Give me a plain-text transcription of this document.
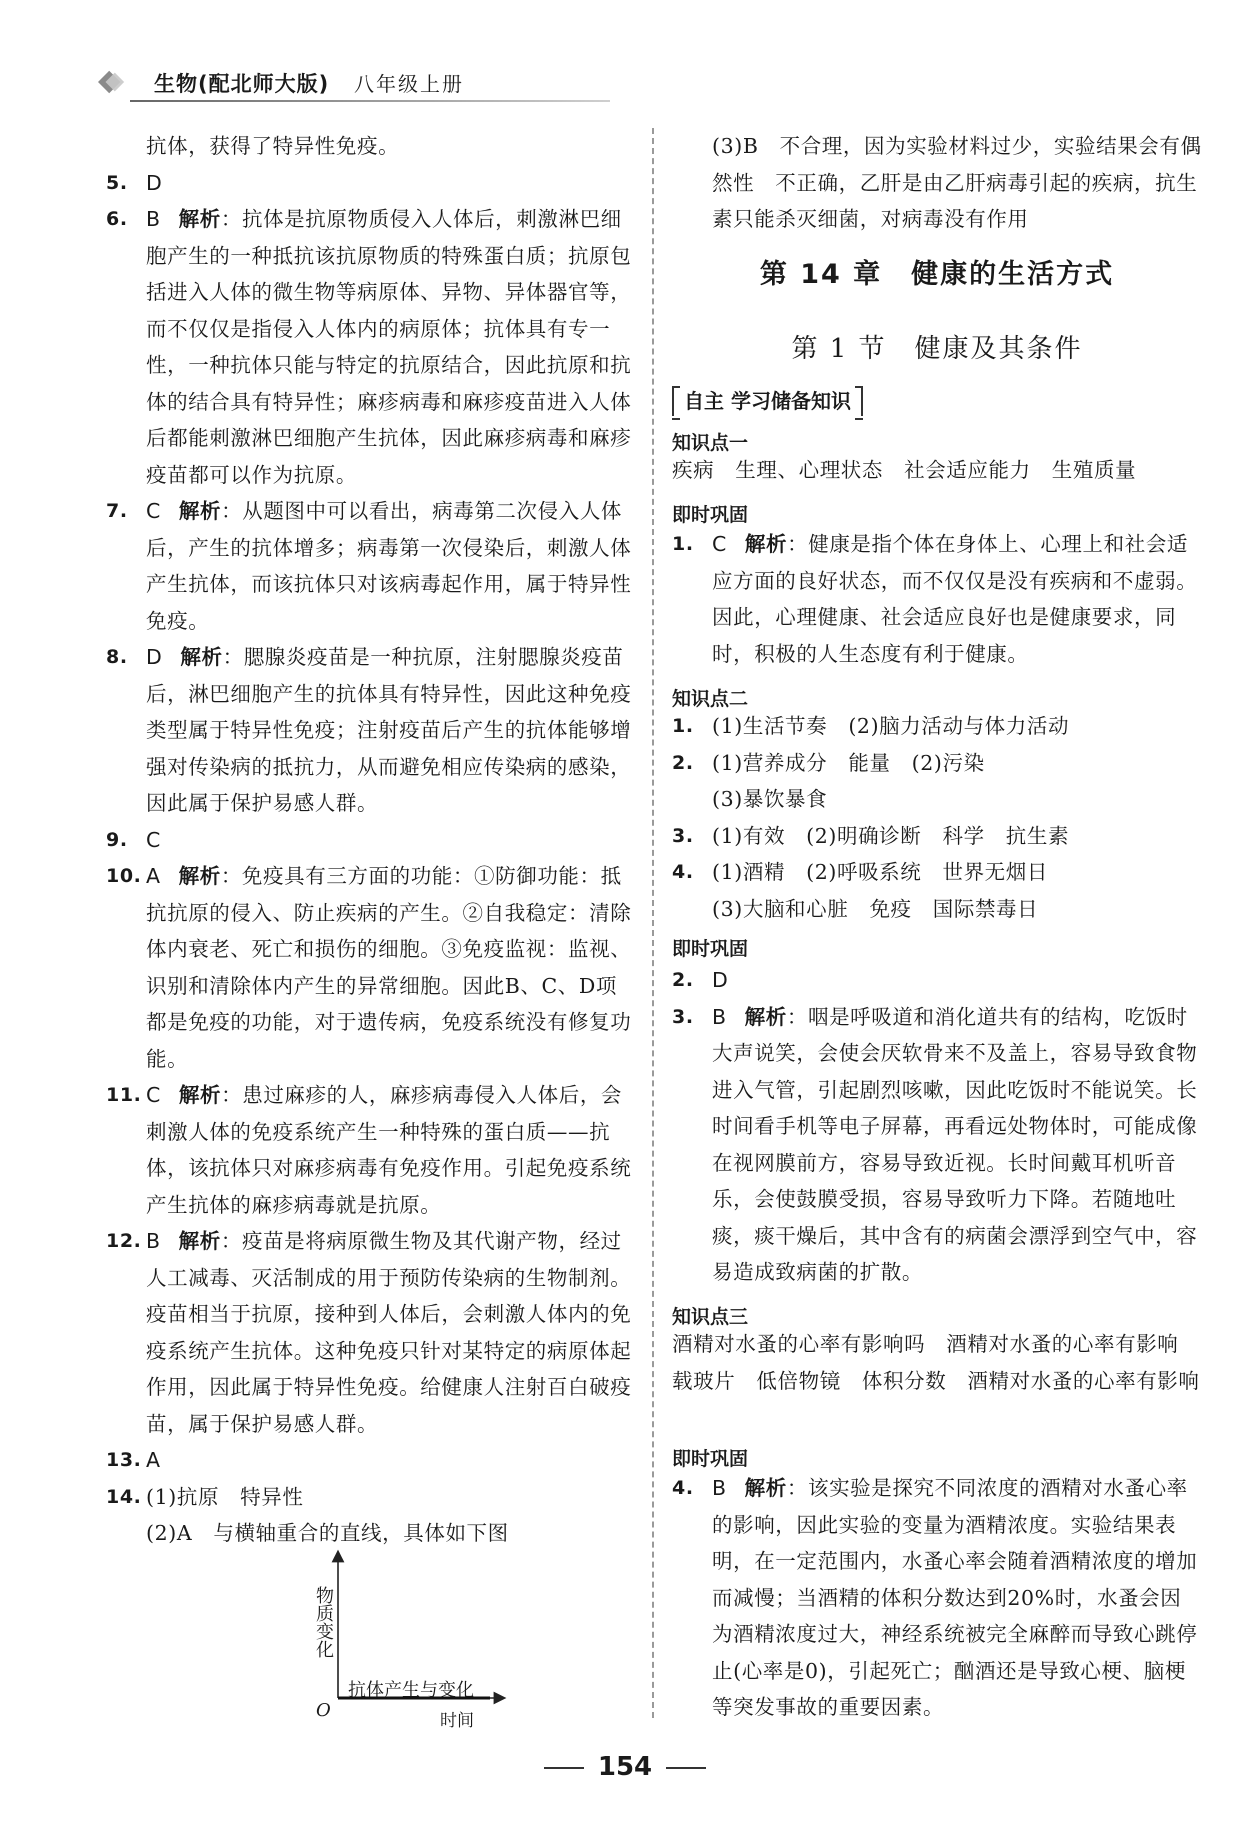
生物(配北师大版) 八年级上册
抗体，获得了特异性免疫。
5. D
6. B 解析：抗体是抗原物质侵入人体后，刺激淋巴细胞产生的一种抵抗该抗原物质的特殊蛋白质；抗原包括进入人体的微生物等病原体、异物、异体器官等，而不仅仅是指侵入人体内的病原体；抗体具有专一性，一种抗体只能与特定的抗原结合，因此抗原和抗体的结合具有特异性；麻疹病毒和麻疹疫苗进入人体后都能刺激淋巴细胞产生抗体，因此麻疹病毒和麻疹疫苗都可以作为抗原。
7. C 解析：从题图中可以看出，病毒第二次侵入人体后，产生的抗体增多；病毒第一次侵染后，刺激人体产生抗体，而该抗体只对该病毒起作用，属于特异性免疫。
8. D 解析：腮腺炎疫苗是一种抗原，注射腮腺炎疫苗后，淋巴细胞产生的抗体具有特异性，因此这种免疫类型属于特异性免疫；注射疫苗后产生的抗体能够增强对传染病的抵抗力，从而避免相应传染病的感染，因此属于保护易感人群。
9. C
10. A 解析：免疫具有三方面的功能：①防御功能：抵抗抗原的侵入、防止疾病的产生。②自我稳定：清除体内衰老、死亡和损伤的细胞。③免疫监视：监视、识别和清除体内产生的异常细胞。因此B、C、D项都是免疫的功能，对于遗传病，免疫系统没有修复功能。
11. C 解析：患过麻疹的人，麻疹病毒侵入人体后，会刺激人体的免疫系统产生一种特殊的蛋白质——抗体，该抗体只对麻疹病毒有免疫作用。引起免疫系统产生抗体的麻疹病毒就是抗原。
12. B 解析：疫苗是将病原微生物及其代谢产物，经过人工减毒、灭活制成的用于预防传染病的生物制剂。疫苗相当于抗原，接种到人体后，会刺激人体内的免疫系统产生抗体。这种免疫只针对某特定的病原体起作用，因此属于特异性免疫。给健康人注射百白破疫苗，属于保护易感人群。
13. A
14. (1)抗原　特异性
(2)A　与横轴重合的直线，具体如下图
物质变化
O	时间
抗体产生与变化
(3)B　不合理，因为实验材料过少，实验结果会有偶然性　不正确，乙肝是由乙肝病毒引起的疾病，抗生素只能杀灭细菌，对病毒没有作用
第 14 章　健康的生活方式
第 1 节　健康及其条件
自主 学习储备知识
知识点一
疾病　生理、心理状态　社会适应能力　生殖质量
即时巩固
1. C 解析：健康是指个体在身体上、心理上和社会适应方面的良好状态，而不仅仅是没有疾病和不虚弱。因此，心理健康、社会适应良好也是健康要求，同时，积极的人生态度有利于健康。
知识点二
1. (1)生活节奏　(2)脑力活动与体力活动
2. (1)营养成分　能量　(2)污染
(3)暴饮暴食
3. (1)有效　(2)明确诊断　科学　抗生素
4. (1)酒精　(2)呼吸系统　世界无烟日
(3)大脑和心脏　免疫　国际禁毒日
即时巩固
2. D
3. B 解析：咽是呼吸道和消化道共有的结构，吃饭时大声说笑，会使会厌软骨来不及盖上，容易导致食物进入气管，引起剧烈咳嗽，因此吃饭时不能说笑。长时间看手机等电子屏幕，再看远处物体时，可能成像在视网膜前方，容易导致近视。长时间戴耳机听音乐，会使鼓膜受损，容易导致听力下降。若随地吐痰，痰干燥后，其中含有的病菌会漂浮到空气中，容易造成致病菌的扩散。
知识点三
酒精对水蚤的心率有影响吗　酒精对水蚤的心率有影响　载玻片　低倍物镜　体积分数　酒精对水蚤的心率有影响
即时巩固
4. B 解析：该实验是探究不同浓度的酒精对水蚤心率的影响，因此实验的变量为酒精浓度。实验结果表明，在一定范围内，水蚤心率会随着酒精浓度的增加而减慢；当酒精的体积分数达到20%时，水蚤会因为酒精浓度过大，神经系统被完全麻醉而导致心跳停止(心率是0)，引起死亡；酗酒还是导致心梗、脑梗等突发事故的重要因素。
154
